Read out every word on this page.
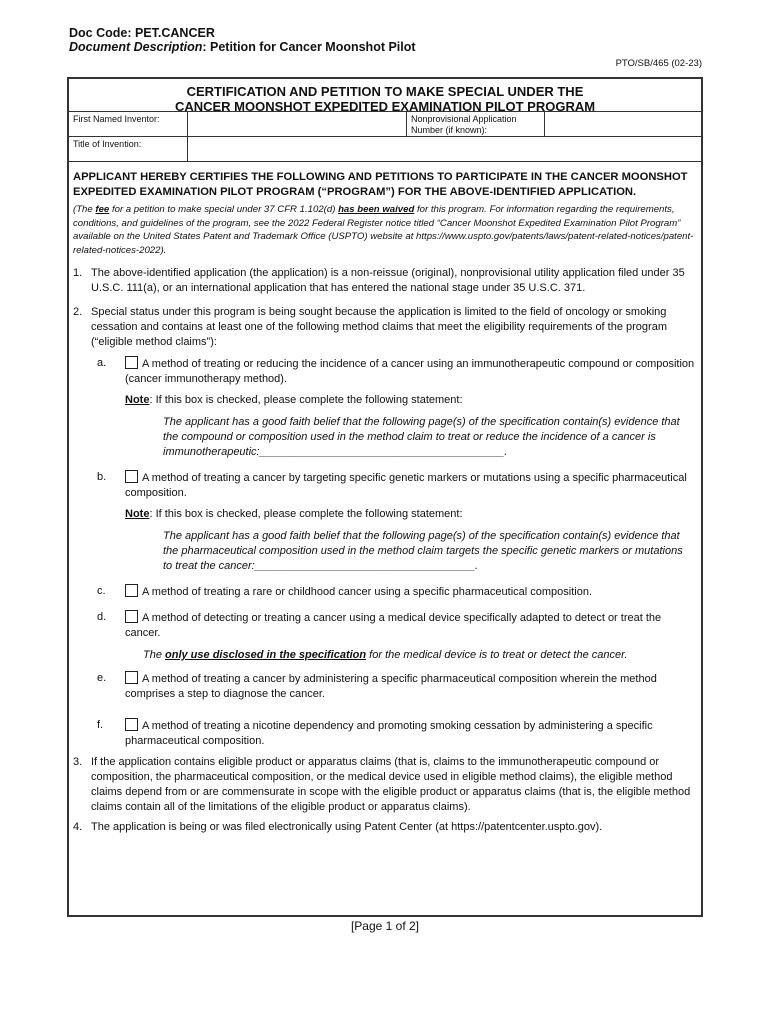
Doc Code: PET.CANCER
Document Description: Petition for Cancer Moonshot Pilot
PTO/SB/465 (02-23)
CERTIFICATION AND PETITION TO MAKE SPECIAL UNDER THE
CANCER MOONSHOT EXPEDITED EXAMINATION PILOT PROGRAM
First Named Inventor:	Nonprovisional Application Number (if known):
Title of Invention:
APPLICANT HEREBY CERTIFIES THE FOLLOWING AND PETITIONS TO PARTICIPATE IN THE CANCER MOONSHOT EXPEDITED EXAMINATION PILOT PROGRAM (“PROGRAM”) FOR THE ABOVE-IDENTIFIED APPLICATION.
(The fee for a petition to make special under 37 CFR 1.102(d) has been waived for this program. For information regarding the requirements, conditions, and guidelines of the program, see the 2022 Federal Register notice titled “Cancer Moonshot Expedited Examination Pilot Program” available on the United States Patent and Trademark Office (USPTO) website at https://www.uspto.gov/patents/laws/patent-related-notices/patent-related-notices-2022).
1. The above-identified application (the application) is a non-reissue (original), nonprovisional utility application filed under 35 U.S.C. 111(a), or an international application that has entered the national stage under 35 U.S.C. 371.
2. Special status under this program is being sought because the application is limited to the field of oncology or smoking cessation and contains at least one of the following method claims that meet the eligibility requirements of the program (“eligible method claims”):
a.	A method of treating or reducing the incidence of a cancer using an immunotherapeutic compound or composition (cancer immunotherapy method).
Note: If this box is checked, please complete the following statement:
The applicant has a good faith belief that the following page(s) of the specification contain(s) evidence that the compound or composition used in the method claim to treat or reduce the incidence of a cancer is immunotherapeutic:________________________________________.
b.	A method of treating a cancer by targeting specific genetic markers or mutations using a specific pharmaceutical composition.
Note: If this box is checked, please complete the following statement:
The applicant has a good faith belief that the following page(s) of the specification contain(s) evidence that the pharmaceutical composition used in the method claim targets the specific genetic markers or mutations to treat the cancer:____________________________________.
c.	A method of treating a rare or childhood cancer using a specific pharmaceutical composition.
d.	A method of detecting or treating a cancer using a medical device specifically adapted to detect or treat the cancer.
The only use disclosed in the specification for the medical device is to treat or detect the cancer.
e.	A method of treating a cancer by administering a specific pharmaceutical composition wherein the method comprises a step to diagnose the cancer.
f.	A method of treating a nicotine dependency and promoting smoking cessation by administering a specific pharmaceutical composition.
3. If the application contains eligible product or apparatus claims (that is, claims to the immunotherapeutic compound or composition, the pharmaceutical composition, or the medical device used in eligible method claims), the eligible method claims depend from or are commensurate in scope with the eligible product or apparatus claims (that is, the eligible method claims contain all of the limitations of the eligible product or apparatus claims).
4. The application is being or was filed electronically using Patent Center (at https://patentcenter.uspto.gov).
[Page 1 of 2]
